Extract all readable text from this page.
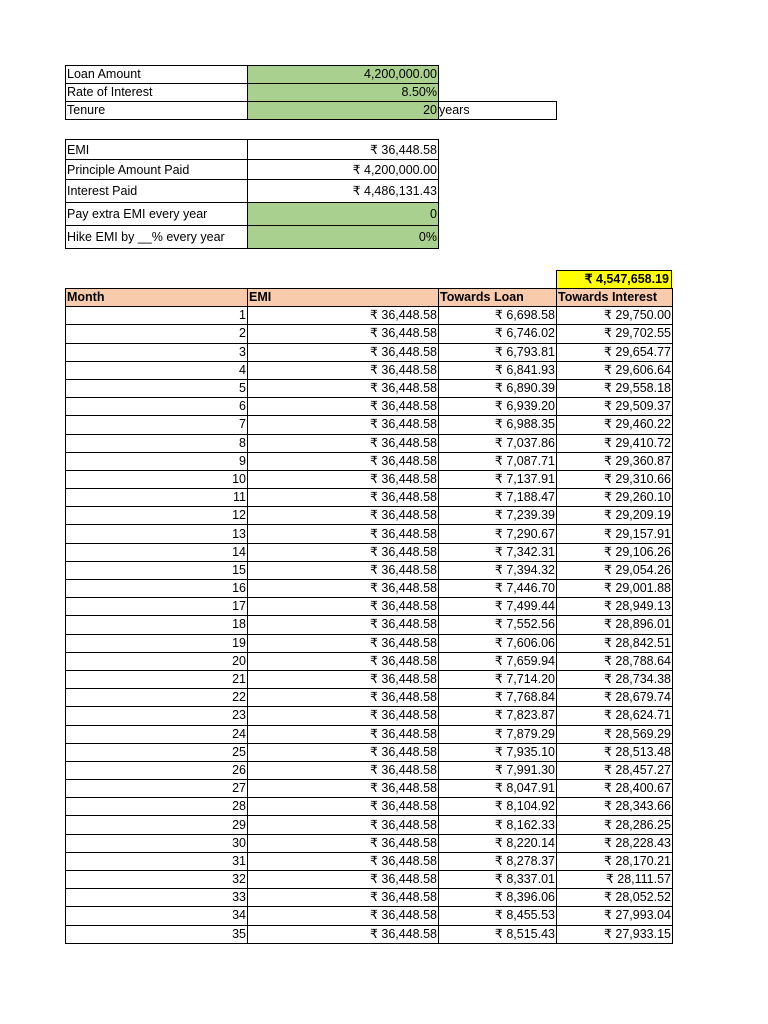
Loan Amount	4,200,000.00
Rate of Interest	8.50%
Tenure	20 years
EMI	₹ 36,448.58
Principle Amount Paid	₹ 4,200,000.00
Interest Paid	₹ 4,486,131.43
Pay extra EMI every year	0
Hike EMI by __% every year	0%
₹ 4,547,658.19
Month	EMI	Towards Loan	Towards Interest
1	₹ 36,448.58	₹ 6,698.58	₹ 29,750.00
2	₹ 36,448.58	₹ 6,746.02	₹ 29,702.55
3	₹ 36,448.58	₹ 6,793.81	₹ 29,654.77
4	₹ 36,448.58	₹ 6,841.93	₹ 29,606.64
5	₹ 36,448.58	₹ 6,890.39	₹ 29,558.18
6	₹ 36,448.58	₹ 6,939.20	₹ 29,509.37
7	₹ 36,448.58	₹ 6,988.35	₹ 29,460.22
8	₹ 36,448.58	₹ 7,037.86	₹ 29,410.72
9	₹ 36,448.58	₹ 7,087.71	₹ 29,360.87
10	₹ 36,448.58	₹ 7,137.91	₹ 29,310.66
11	₹ 36,448.58	₹ 7,188.47	₹ 29,260.10
12	₹ 36,448.58	₹ 7,239.39	₹ 29,209.19
13	₹ 36,448.58	₹ 7,290.67	₹ 29,157.91
14	₹ 36,448.58	₹ 7,342.31	₹ 29,106.26
15	₹ 36,448.58	₹ 7,394.32	₹ 29,054.26
16	₹ 36,448.58	₹ 7,446.70	₹ 29,001.88
17	₹ 36,448.58	₹ 7,499.44	₹ 28,949.13
18	₹ 36,448.58	₹ 7,552.56	₹ 28,896.01
19	₹ 36,448.58	₹ 7,606.06	₹ 28,842.51
20	₹ 36,448.58	₹ 7,659.94	₹ 28,788.64
21	₹ 36,448.58	₹ 7,714.20	₹ 28,734.38
22	₹ 36,448.58	₹ 7,768.84	₹ 28,679.74
23	₹ 36,448.58	₹ 7,823.87	₹ 28,624.71
24	₹ 36,448.58	₹ 7,879.29	₹ 28,569.29
25	₹ 36,448.58	₹ 7,935.10	₹ 28,513.48
26	₹ 36,448.58	₹ 7,991.30	₹ 28,457.27
27	₹ 36,448.58	₹ 8,047.91	₹ 28,400.67
28	₹ 36,448.58	₹ 8,104.92	₹ 28,343.66
29	₹ 36,448.58	₹ 8,162.33	₹ 28,286.25
30	₹ 36,448.58	₹ 8,220.14	₹ 28,228.43
31	₹ 36,448.58	₹ 8,278.37	₹ 28,170.21
32	₹ 36,448.58	₹ 8,337.01	₹ 28,111.57
33	₹ 36,448.58	₹ 8,396.06	₹ 28,052.52
34	₹ 36,448.58	₹ 8,455.53	₹ 27,993.04
35	₹ 36,448.58	₹ 8,515.43	₹ 27,933.15
